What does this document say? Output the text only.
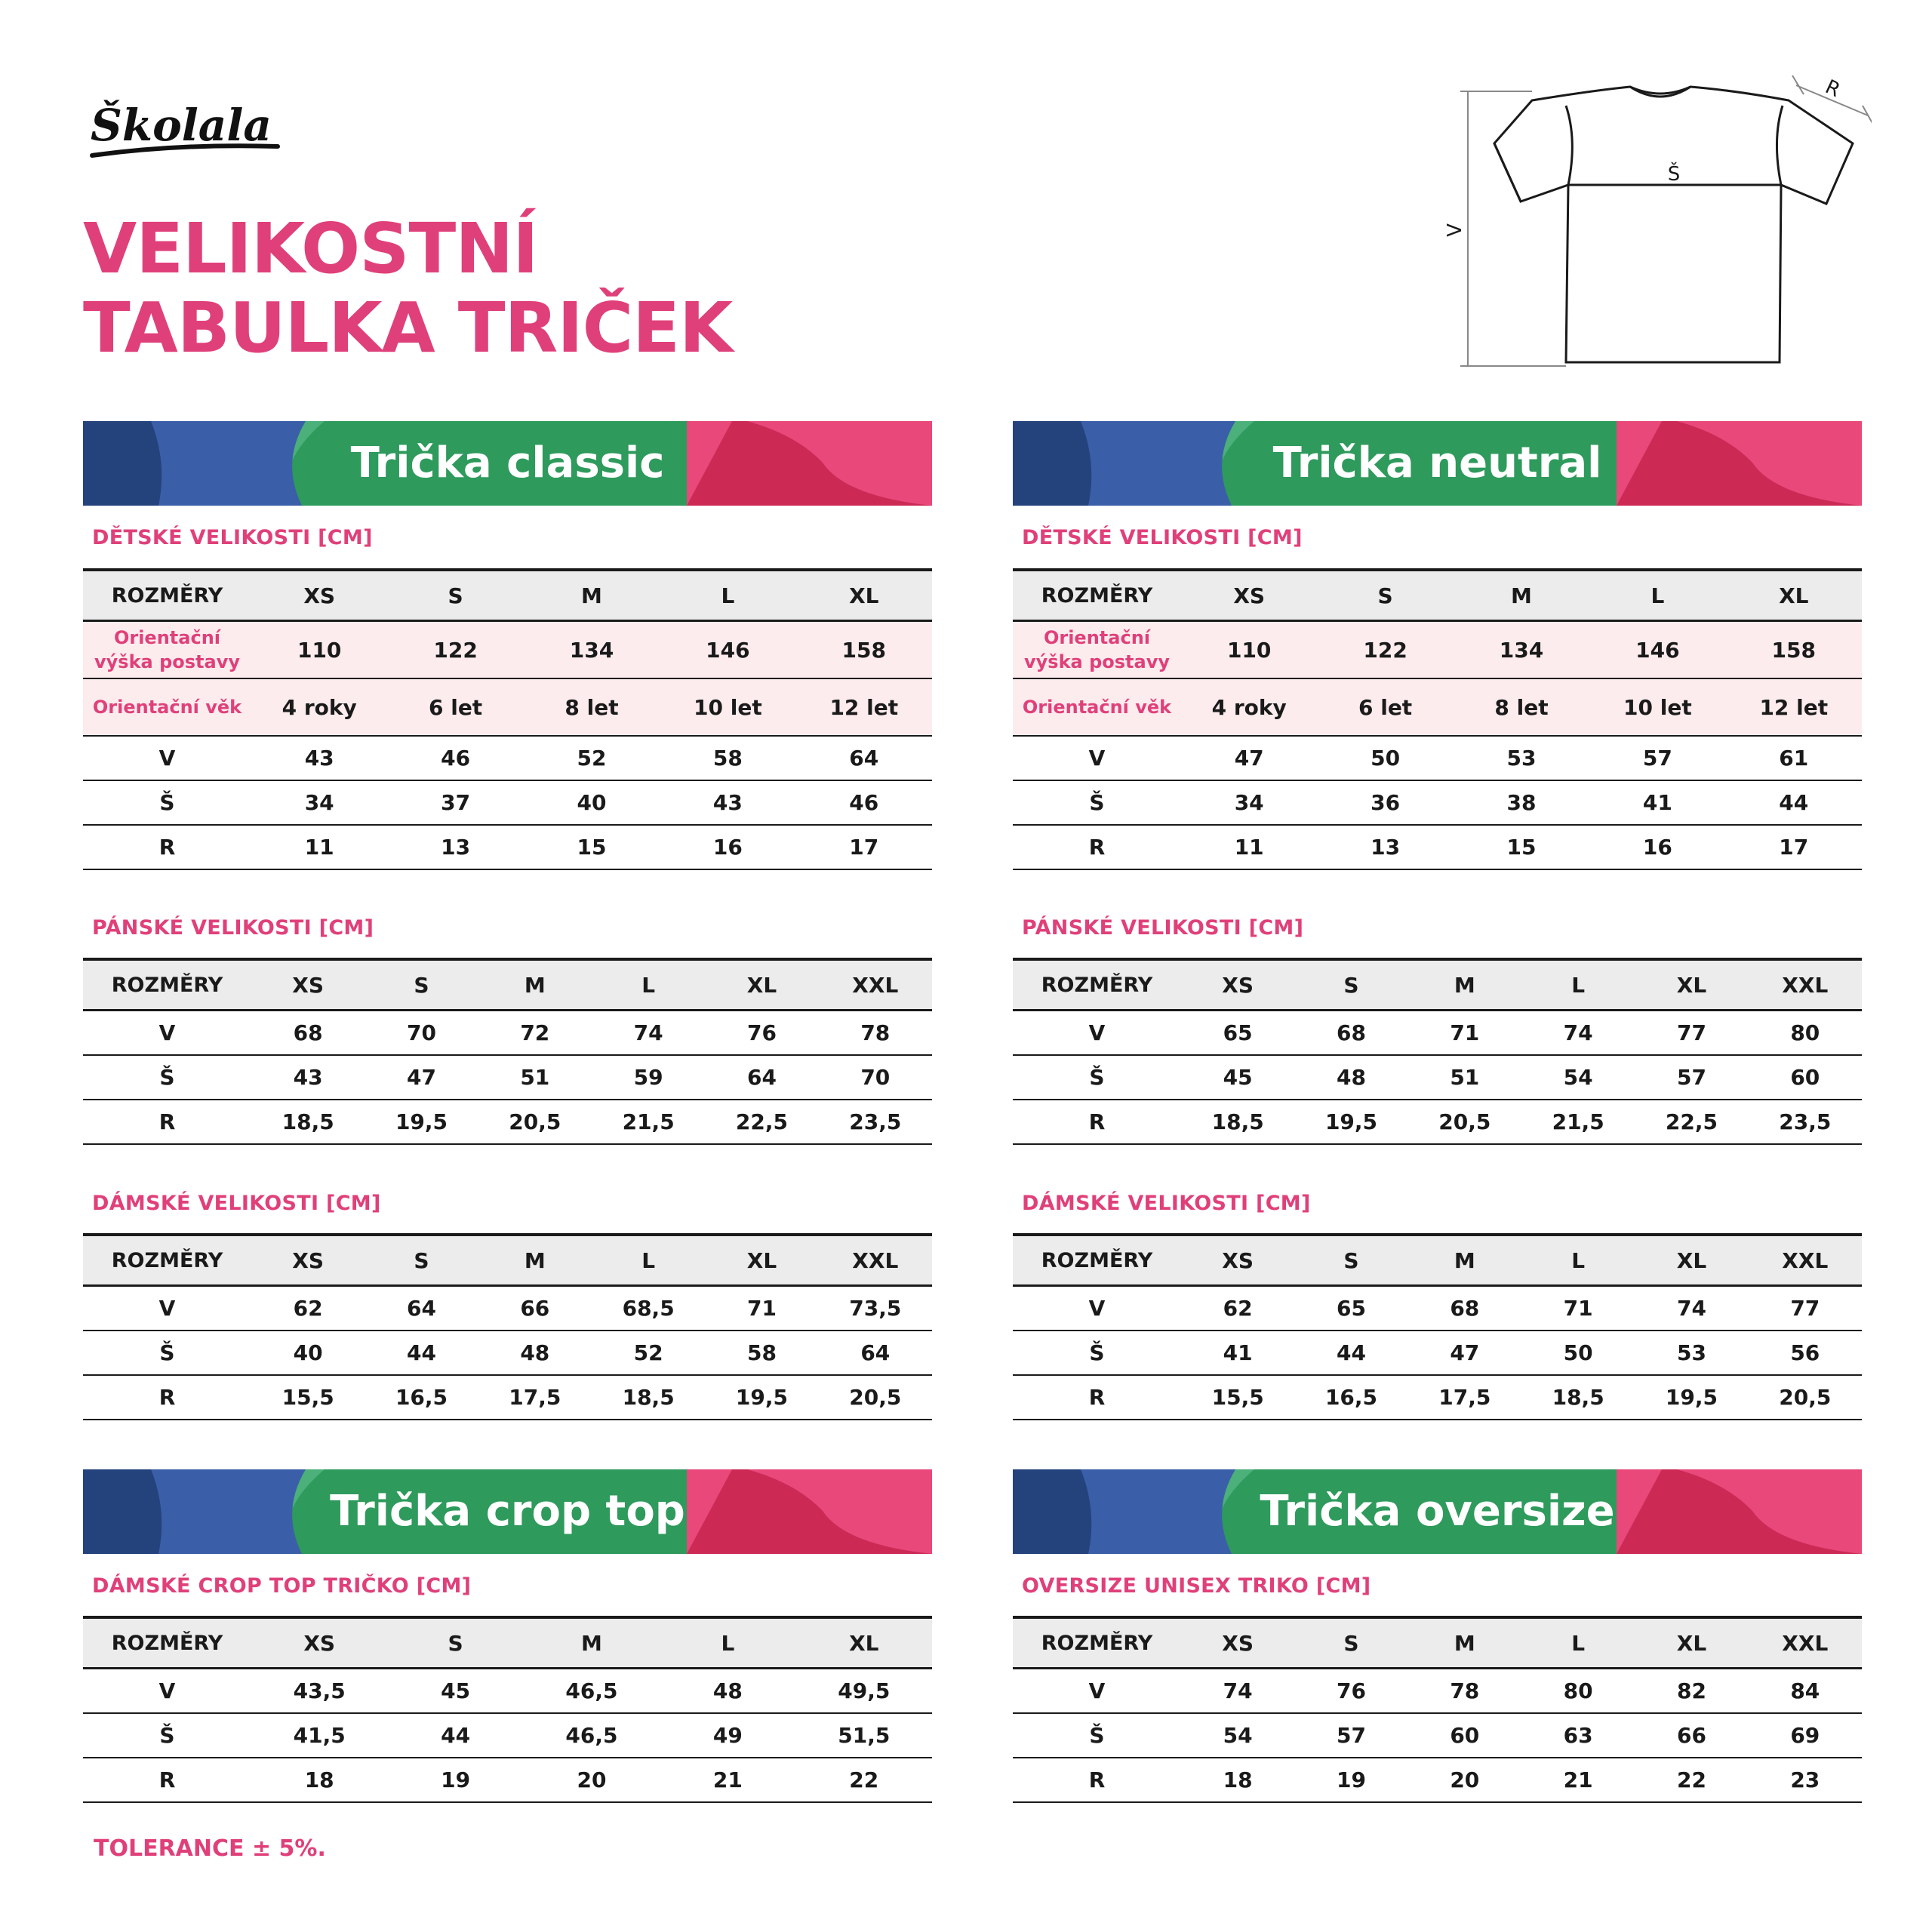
Školala
VELIKOSTNÍ
TABULKA TRIČEK
V
Š
R
Trička classic	Trička neutral
Trička crop top	Trička oversize
DĚTSKÉ VELIKOSTI [CM]	DĚTSKÉ VELIKOSTI [CM]
PÁNSKÉ VELIKOSTI [CM]	PÁNSKÉ VELIKOSTI [CM]
DÁMSKÉ VELIKOSTI [CM]	DÁMSKÉ VELIKOSTI [CM]
DÁMSKÉ CROP TOP TRIČKO [CM]	OVERSIZE UNISEX TRIKO [CM]
ROZMĚRY	XS	S	M	L	XL
Orientační výška postavy	110	122	134	146	158
Orientační věk	4 roky	6 let	8 let	10 let	12 let
V	43	46	52	58	64
Š	34	37	40	43	46
R	11	13	15	16	17
ROZMĚRY	XS	S	M	L	XL
Orientační výška postavy	110	122	134	146	158
Orientační věk	4 roky	6 let	8 let	10 let	12 let
V	47	50	53	57	61
Š	34	36	38	41	44
R	11	13	15	16	17
ROZMĚRY	XS	S	M	L	XL	XXL
V	68	70	72	74	76	78
Š	43	47	51	59	64	70
R	18,5	19,5	20,5	21,5	22,5	23,5
ROZMĚRY	XS	S	M	L	XL	XXL
V	65	68	71	74	77	80
Š	45	48	51	54	57	60
R	18,5	19,5	20,5	21,5	22,5	23,5
ROZMĚRY	XS	S	M	L	XL	XXL
V	62	64	66	68,5	71	73,5
Š	40	44	48	52	58	64
R	15,5	16,5	17,5	18,5	19,5	20,5
ROZMĚRY	XS	S	M	L	XL	XXL
V	62	65	68	71	74	77
Š	41	44	47	50	53	56
R	15,5	16,5	17,5	18,5	19,5	20,5
ROZMĚRY	XS	S	M	L	XL
V	43,5	45	46,5	48	49,5
Š	41,5	44	46,5	49	51,5
R	18	19	20	21	22
ROZMĚRY	XS	S	M	L	XL	XXL
V	74	76	78	80	82	84
Š	54	57	60	63	66	69
R	18	19	20	21	22	23
TOLERANCE ± 5%.
